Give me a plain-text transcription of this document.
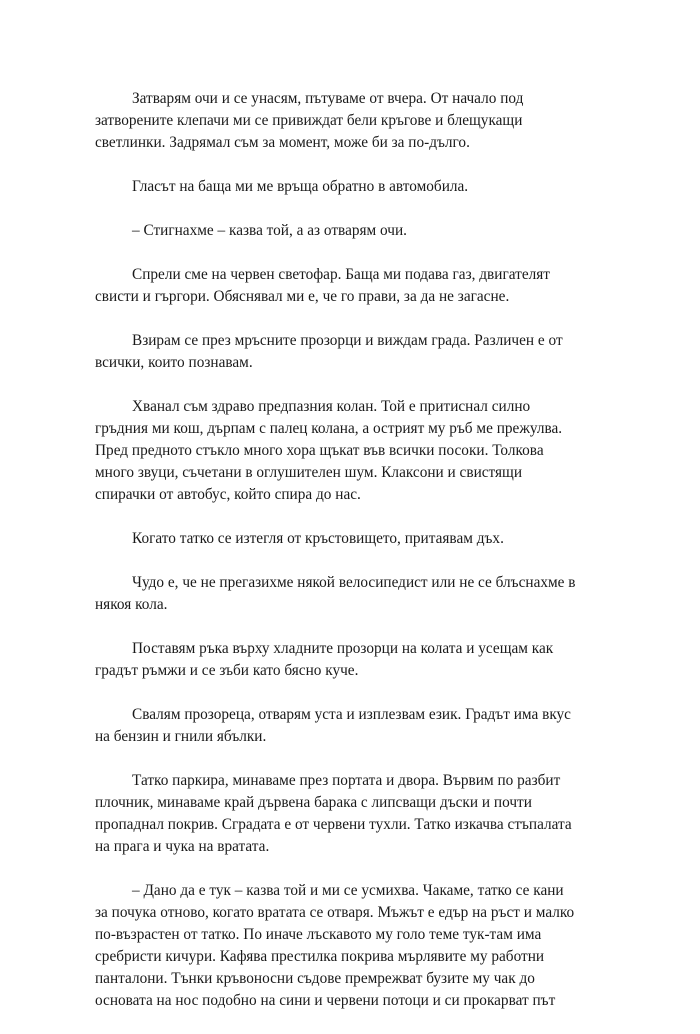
Затварям очи и се унасям, пътуваме от вчера. От начало под
затворените клепачи ми се привиждат бели кръгове и блещукащи
светлинки. Задрямал съм за момент, може би за по-дълго.

Гласът на баща ми ме връща обратно в автомобила.

– Стигнахме – казва той, а аз отварям очи.

Спрели сме на червен светофар. Баща ми подава газ, двигателят
свисти и гъргори. Обяснявал ми е, че го прави, за да не загасне.

Взирам се през мръсните прозорци и виждам града. Различен е от
всички, които познавам.

Хванал съм здраво предпазния колан. Той е притиснал силно
гръдния ми кош, дърпам с палец колана, а острият му ръб ме прежулва.
Пред предното стъкло много хора щъкат във всички посоки. Толкова
много звуци, съчетани в оглушителен шум. Клаксони и свистящи
спирачки от автобус, който спира до нас.

Когато татко се изтегля от кръстовището, притаявам дъх.

Чудо е, че не прегазихме някой велосипедист или не се блъснахме в
някоя кола.

Поставям ръка върху хладните прозорци на колата и усещам как
градът ръмжи и се зъби като бясно куче.

Свалям прозореца, отварям уста и изплезвам език. Градът има вкус
на бензин и гнили ябълки.

Татко паркира, минаваме през портата и двора. Вървим по разбит
плочник, минаваме край дървена барака с липсващи дъски и почти
пропаднал покрив. Сградата е от червени тухли. Татко изкачва стъпалата
на прага и чука на вратата.

– Дано да е тук – казва той и ми се усмихва. Чакаме, татко се кани
за почука отново, когато вратата се отваря. Мъжът е едър на ръст и малко
по-възрастен от татко. По иначе лъскавото му голо теме тук-там има
сребристи кичури. Кафява престилка покрива мърлявите му работни
панталони. Тънки кръвоносни съдове премрежват бузите му чак до
основата на нос подобно на сини и червени потоци и си прокарват път
